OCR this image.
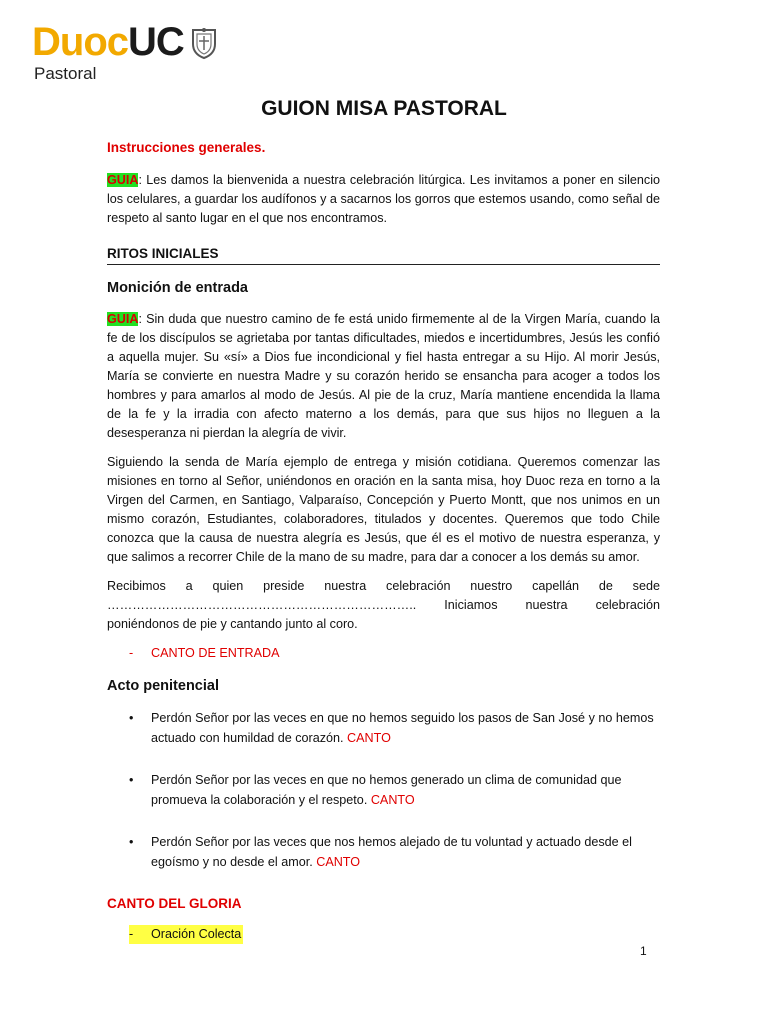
DuocUC
Pastoral
GUION MISA PASTORAL
Instrucciones generales.

GUIA: Les damos la bienvenida a nuestra celebración litúrgica. Les invitamos a poner en silencio los celulares, a guardar los audífonos y a sacarnos los gorros que estemos usando, como señal de respeto al santo lugar en el que nos encontramos.

RITOS INICIALES
Monición de entrada

GUIA: Sin duda que nuestro camino de fe está unido firmemente al de la Virgen María, cuando la fe de los discípulos se agrietaba por tantas dificultades, miedos e incertidumbres, Jesús les confió a aquella mujer. Su «sí» a Dios fue incondicional y fiel hasta entregar a su Hijo. Al morir Jesús, María se convierte en nuestra Madre y su corazón herido se ensancha para acoger a todos los hombres y para amarlos al modo de Jesús. Al pie de la cruz, María mantiene encendida la llama de la fe y la irradia con afecto materno a los demás, para que sus hijos no lleguen a la desesperanza ni pierdan la alegría de vivir.

Siguiendo la senda de María ejemplo de entrega y misión cotidiana. Queremos comenzar las misiones en torno al Señor, uniéndonos en oración en la santa misa, hoy Duoc reza en torno a la Virgen del Carmen, en Santiago, Valparaíso, Concepción y Puerto Montt, que nos unimos en un mismo corazón, Estudiantes, colaboradores, titulados y docentes. Queremos que todo Chile conozca que la causa de nuestra alegría es Jesús, que él es el motivo de nuestra esperanza, y que salimos a recorrer Chile de la mano de su madre, para dar a conocer a los demás su amor.

Recibimos a quien preside nuestra celebración nuestro capellán de sede ……………………………………………………………….. Iniciamos nuestra celebración poniéndonos de pie y cantando junto al coro.

- CANTO DE ENTRADA
Acto penitencial
• Perdón Señor por las veces en que no hemos seguido los pasos de San José y no hemos actuado con humildad de corazón. CANTO
• Perdón Señor por las veces en que no hemos generado un clima de comunidad que promueva la colaboración y el respeto. CANTO
• Perdón Señor por las veces que nos hemos alejado de tu voluntad y actuado desde el egoísmo y no desde el amor. CANTO
CANTO DEL GLORIA
- Oración Colecta
1
